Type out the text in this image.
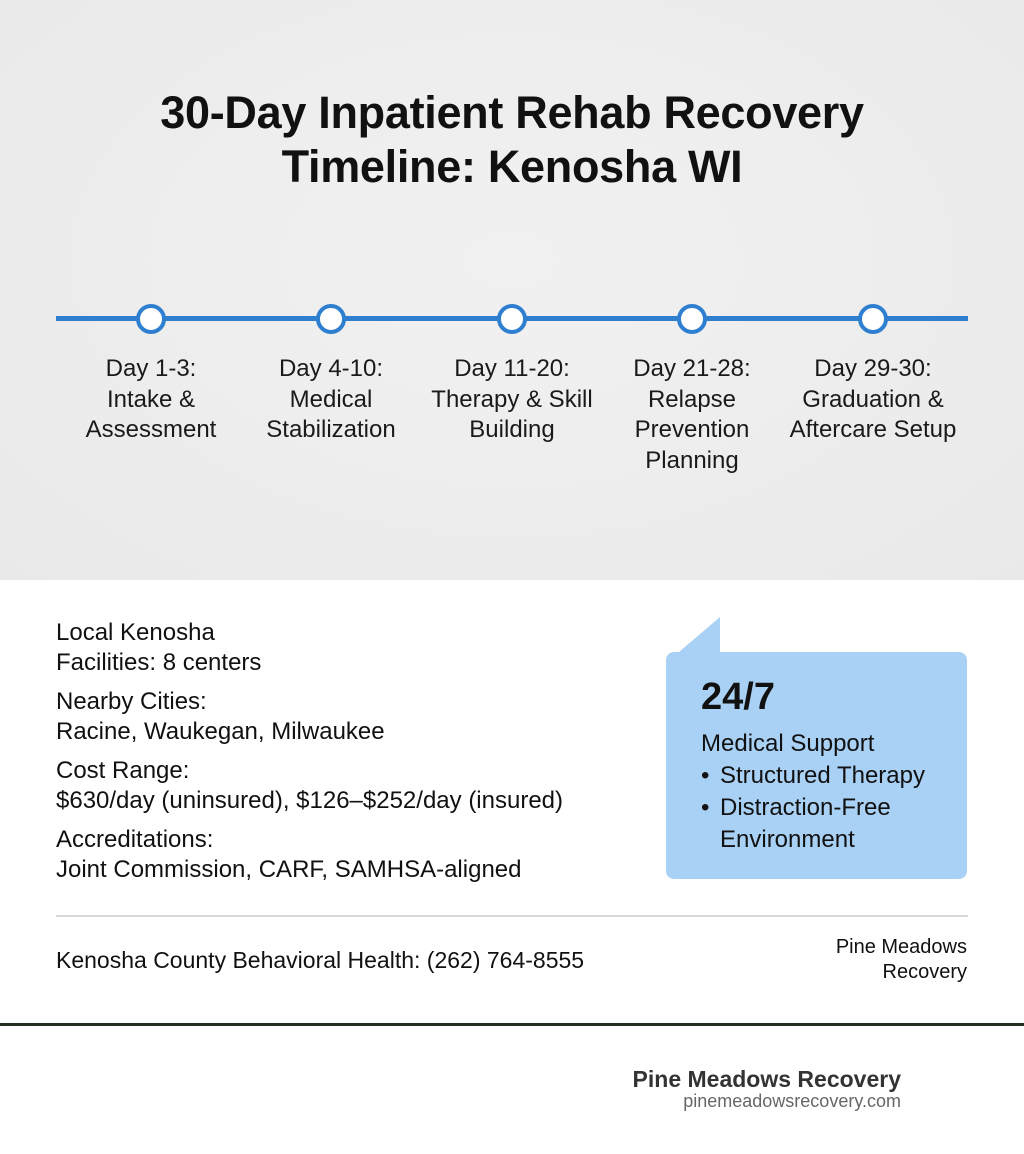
30-Day Inpatient Rehab Recovery
Timeline: Kenosha WI
Day 1-3:
Intake &
Assessment
Day 4-10:
Medical
Stabilization
Day 11-20:
Therapy & Skill
Building
Day 21-28:
Relapse
Prevention
Planning
Day 29-30:
Graduation &
Aftercare Setup
Local Kenosha
Facilities: 8 centers
Nearby Cities:
Racine, Waukegan, Milwaukee
Cost Range:
$630/day (uninsured), $126–$252/day (insured)
Accreditations:
Joint Commission, CARF, SAMHSA-aligned
24/7
Medical Support
• Structured Therapy
• Distraction-Free
Environment
Kenosha County Behavioral Health: (262) 764-8555	Pine Meadows
Recovery
Pine Meadows Recovery
pinemeadowsrecovery.com
